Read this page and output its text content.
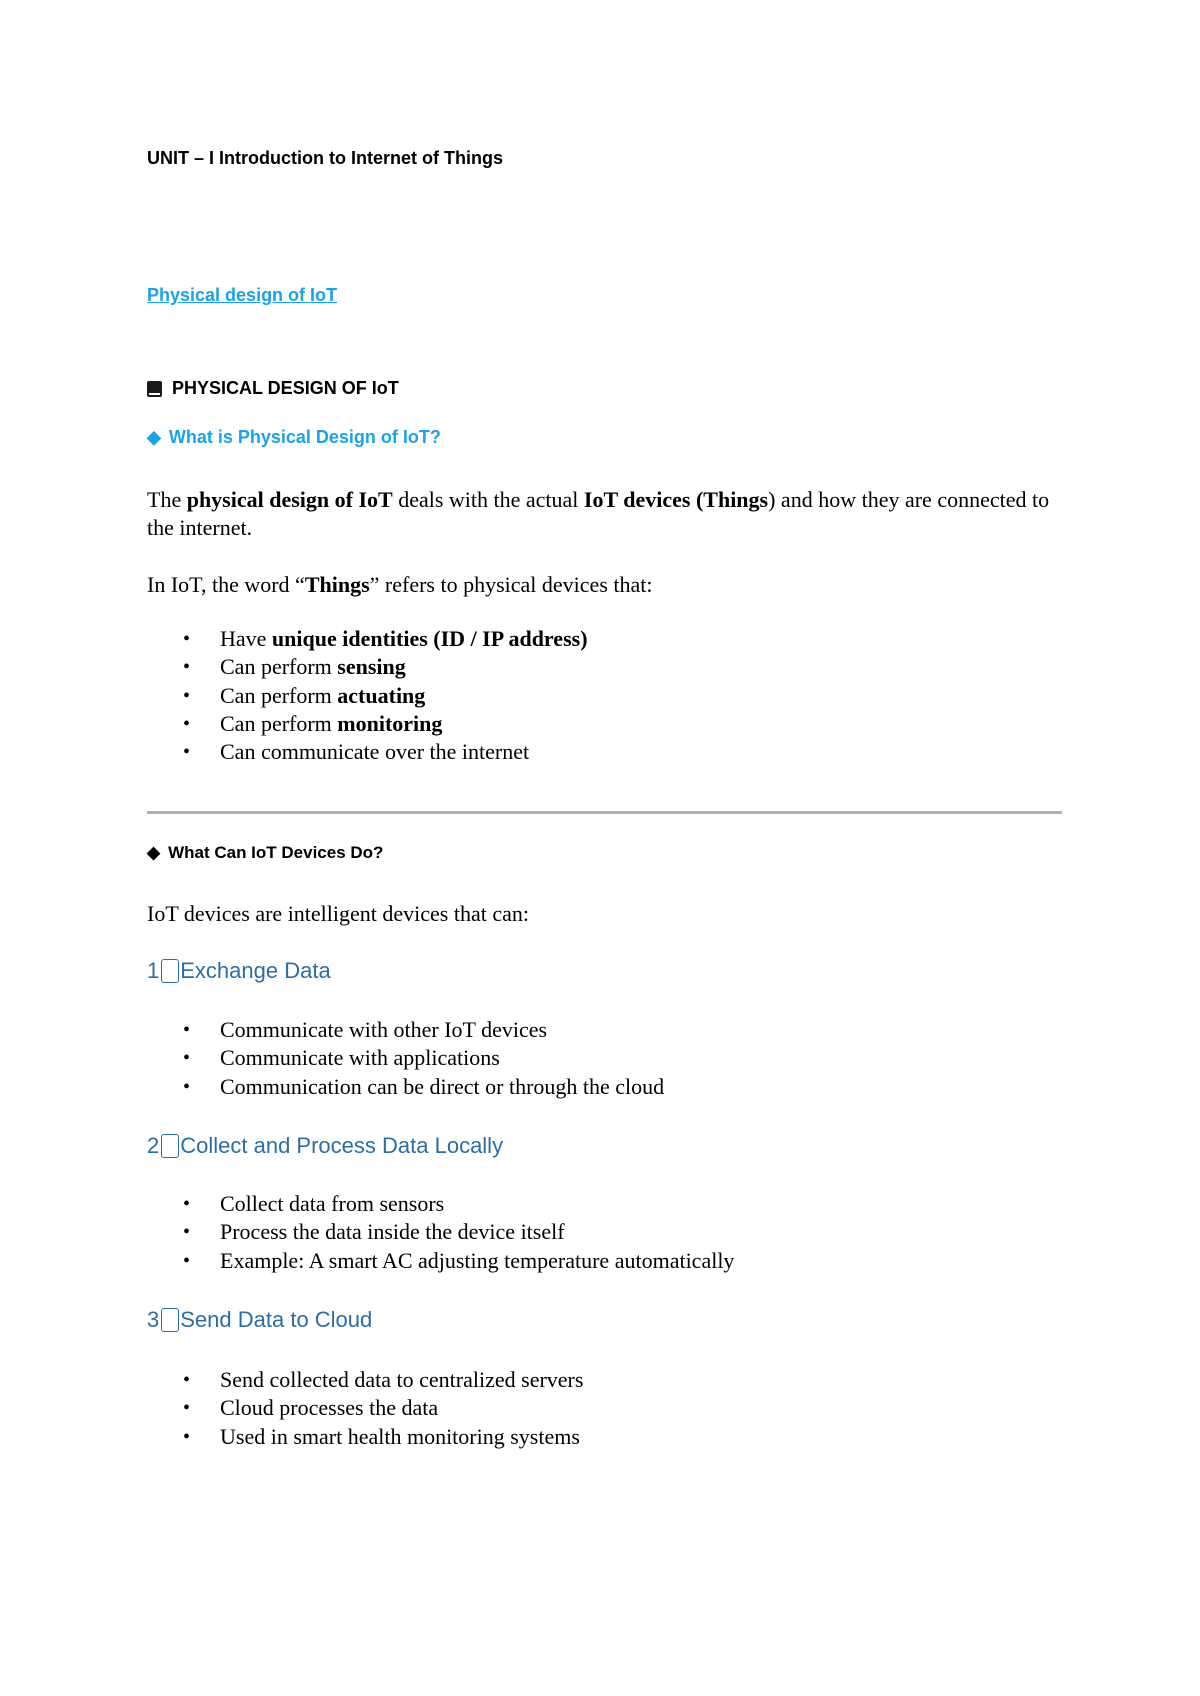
UNIT – I Introduction to Internet of Things
Physical design of IoT
PHYSICAL DESIGN OF IoT
◆ What is Physical Design of IoT?
The physical design of IoT deals with the actual IoT devices (Things) and how they are connected to the internet.
In IoT, the word “Things” refers to physical devices that:
• Have unique identities (ID / IP address)
• Can perform sensing
• Can perform actuating
• Can perform monitoring
• Can communicate over the internet
◆ What Can IoT Devices Do?
IoT devices are intelligent devices that can:
1 Exchange Data
• Communicate with other IoT devices
• Communicate with applications
• Communication can be direct or through the cloud
2 Collect and Process Data Locally
• Collect data from sensors
• Process the data inside the device itself
• Example: A smart AC adjusting temperature automatically
3 Send Data to Cloud
• Send collected data to centralized servers
• Cloud processes the data
• Used in smart health monitoring systems
